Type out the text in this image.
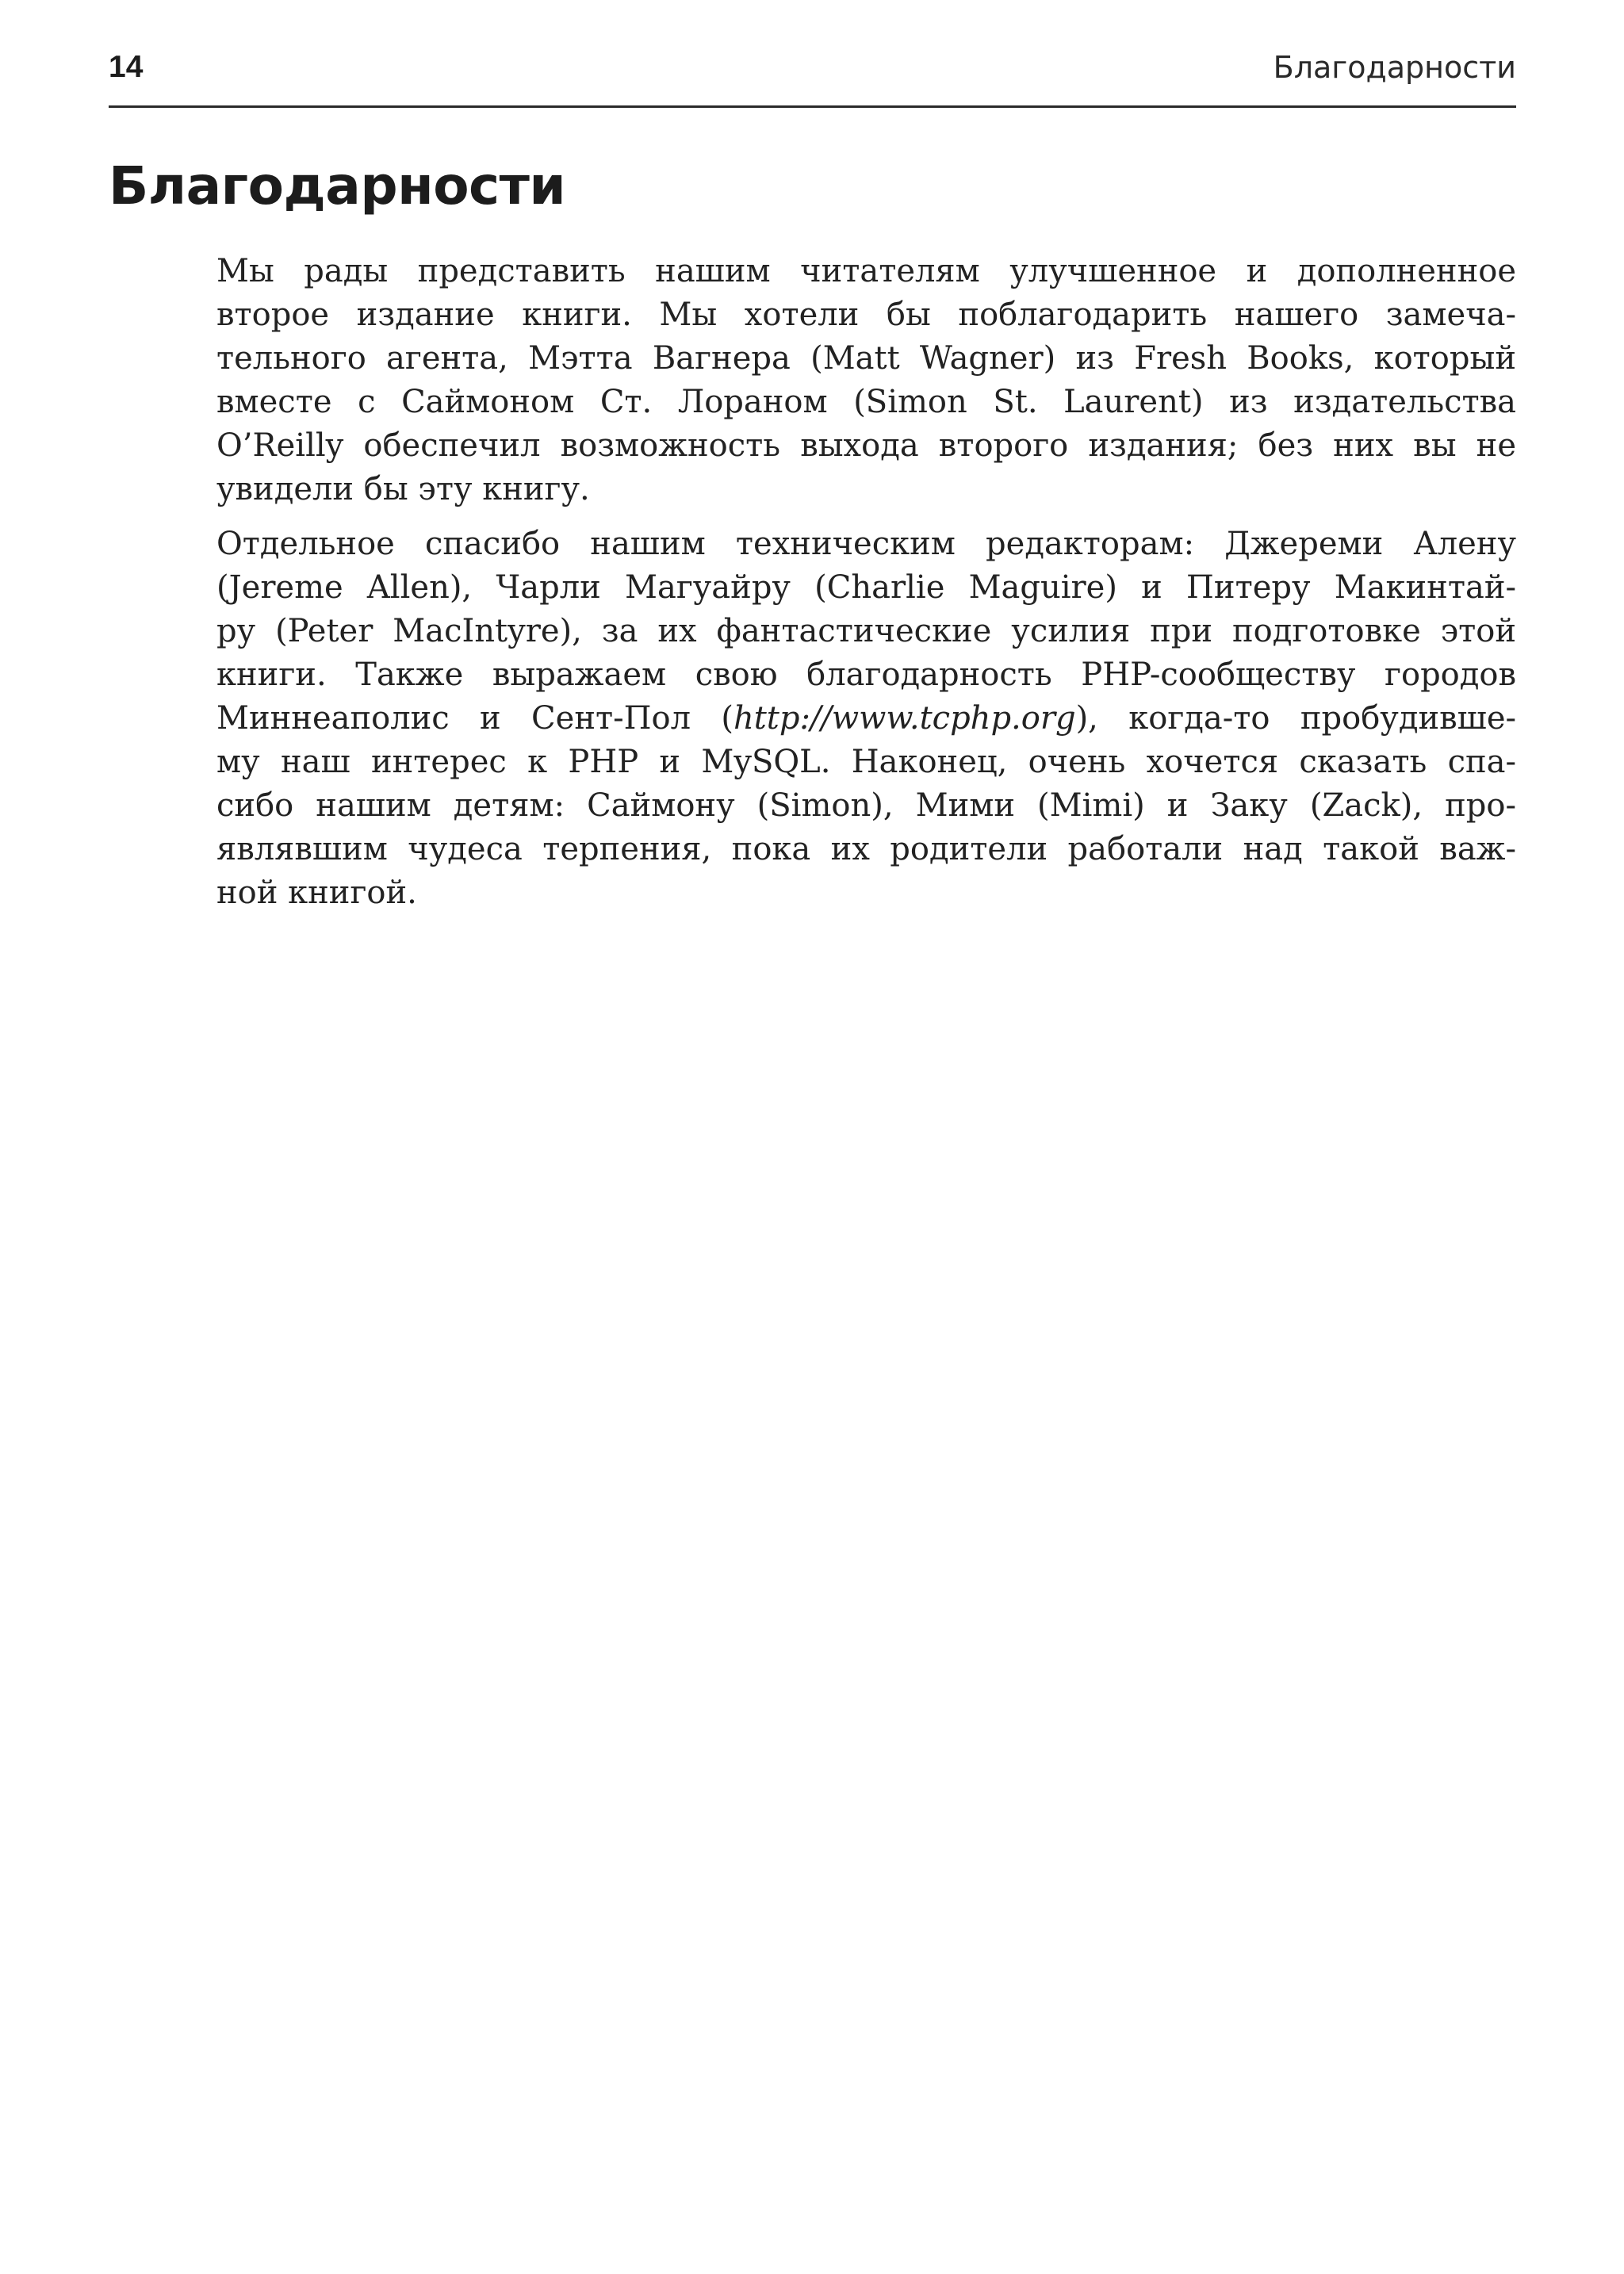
14	Благодарности
Благодарности
Мы рады представить нашим читателям улучшенное и дополненное
второе издание книги. Мы хотели бы поблагодарить нашего замеча-
тельного агента, Мэтта Вагнера (Matt Wagner) из Fresh Books, который
вместе с Саймоном Ст. Лораном (Simon St. Laurent) из издательства
O’Reilly обеспечил возможность выхода второго издания; без них вы не
увидели бы эту книгу.
Отдельное спасибо нашим техническим редакторам: Джереми Алену
(Jereme Allen), Чарли Магуайру (Charlie Maguire) и Питеру Макинтай-
ру (Peter MacIntyre), за их фантастические усилия при подготовке этой
книги. Также выражаем свою благодарность PHP-сообществу городов
Миннеаполис и Сент-Пол (http://www.tcphp.org), когда-то пробудивше-
му наш интерес к PHP и MySQL. Наконец, очень хочется сказать спа-
сибо нашим детям: Саймону (Simon), Мими (Mimi) и Заку (Zack), про-
являвшим чудеса терпения, пока их родители работали над такой важ-
ной книгой.
